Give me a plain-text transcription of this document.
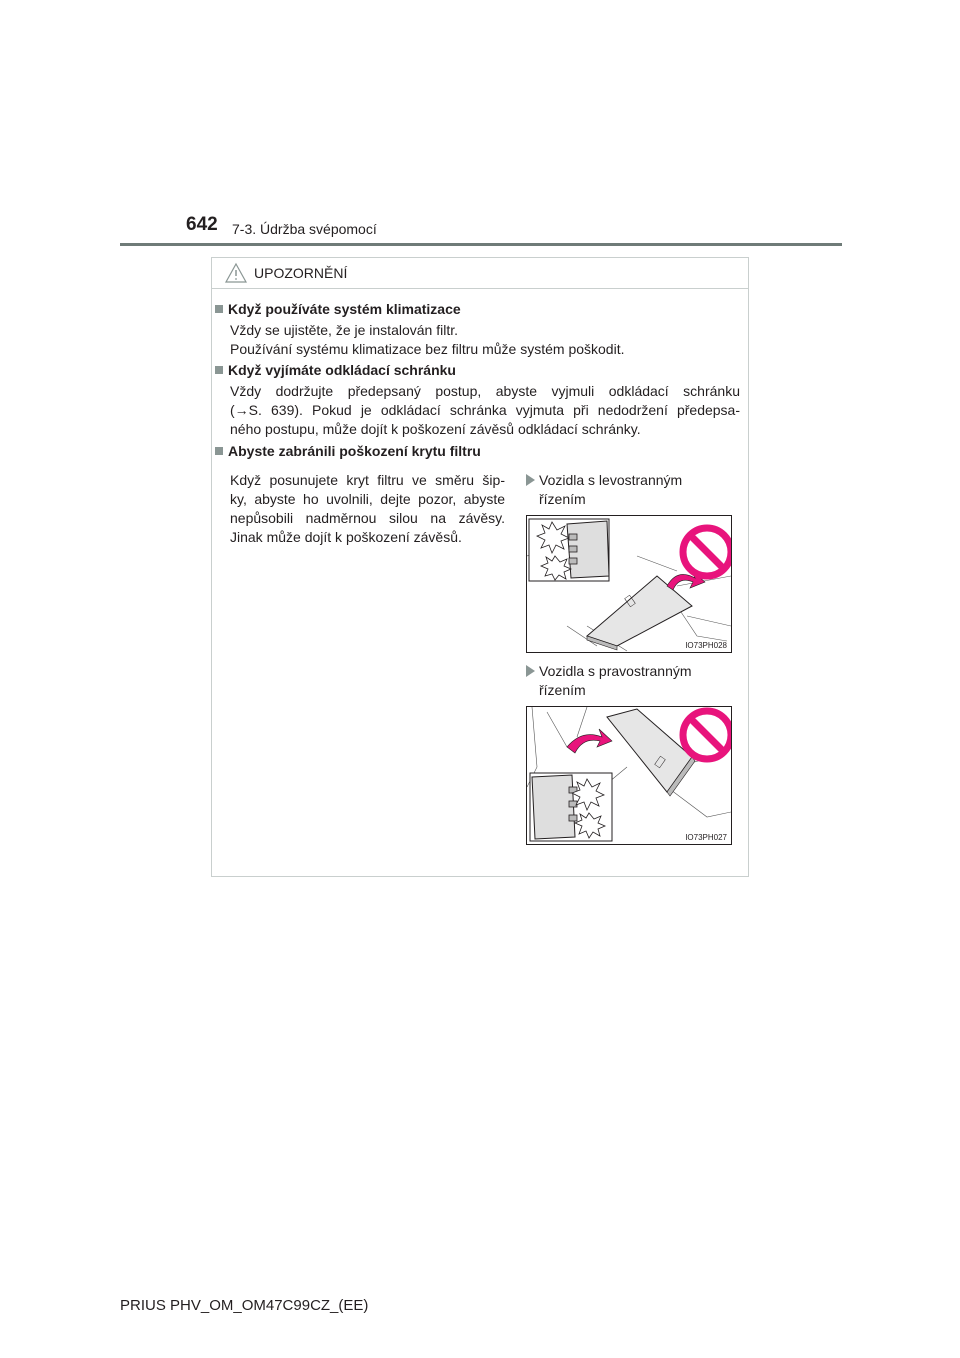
642 7-3. Údržba svépomocí
UPOZORNĚNÍ
Když používáte systém klimatizace
Vždy se ujistěte, že je instalován filtr.
Používání systému klimatizace bez filtru může systém poškodit.
Když vyjímáte odkládací schránku
Vždy dodržujte předepsaný postup, abyste vyjmuli odkládací schránku
(→S. 639). Pokud je odkládací schránka vyjmuta při nedodržení předepsa-
ného postupu, může dojít k poškození závěsů odkládací schránky.
Abyste zabránili poškození krytu filtru
Když posunujete kryt filtru ve směru šip-
ky, abyste ho uvolnili, dejte pozor, abyste
nepůsobili nadměrnou silou na závěsy.
Jinak může dojít k poškození závěsů.
Vozidla s levostranným
řízením
IO73PH028
Vozidla s pravostranným
řízením
IO73PH027
PRIUS PHV_OM_OM47C99CZ_(EE)
